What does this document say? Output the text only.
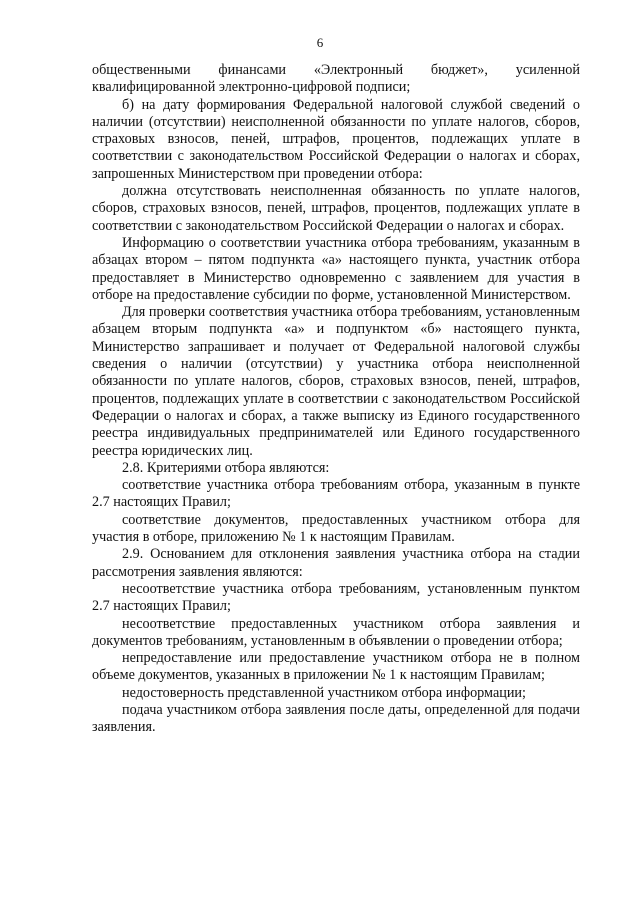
6

общественными финансами «Электронный бюджет», усиленной квалифицированной электронно-цифровой подписи;

б) на дату формирования Федеральной налоговой службой сведений о наличии (отсутствии) неисполненной обязанности по уплате налогов, сборов, страховых взносов, пеней, штрафов, процентов, подлежащих уплате в соответствии с законодательством Российской Федерации о налогах и сборах, запрошенных Министерством при проведении отбора:

должна отсутствовать неисполненная обязанность по уплате налогов, сборов, страховых взносов, пеней, штрафов, процентов, подлежащих уплате в соответствии с законодательством Российской Федерации о налогах и сборах.

Информацию о соответствии участника отбора требованиям, указанным в абзацах втором – пятом подпункта «а» настоящего пункта, участник отбора предоставляет в Министерство одновременно с заявлением для участия в отборе на предоставление субсидии по форме, установленной Министерством.

Для проверки соответствия участника отбора требованиям, установленным абзацем вторым подпункта «а» и подпунктом «б» настоящего пункта, Министерство запрашивает и получает от Федеральной налоговой службы сведения о наличии (отсутствии) у участника отбора неисполненной обязанности по уплате налогов, сборов, страховых взносов, пеней, штрафов, процентов, подлежащих уплате в соответствии с законодательством Российской Федерации о налогах и сборах, а также выписку из Единого государственного реестра индивидуальных предпринимателей или Единого государственного реестра юридических лиц.

2.8. Критериями отбора являются:

соответствие участника отбора требованиям отбора, указанным в пункте 2.7 настоящих Правил;

соответствие документов, предоставленных участником отбора для участия в отборе, приложению № 1 к настоящим Правилам.

2.9. Основанием для отклонения заявления участника отбора на стадии рассмотрения заявления являются:

несоответствие участника отбора требованиям, установленным пунктом 2.7 настоящих Правил;

несоответствие предоставленных участником отбора заявления и документов требованиям, установленным в объявлении о проведении отбора;

непредоставление или предоставление участником отбора не в полном объеме документов, указанных в приложении № 1 к настоящим Правилам;

недостоверность представленной участником отбора информации;

подача участником отбора заявления после даты, определенной для подачи заявления.
